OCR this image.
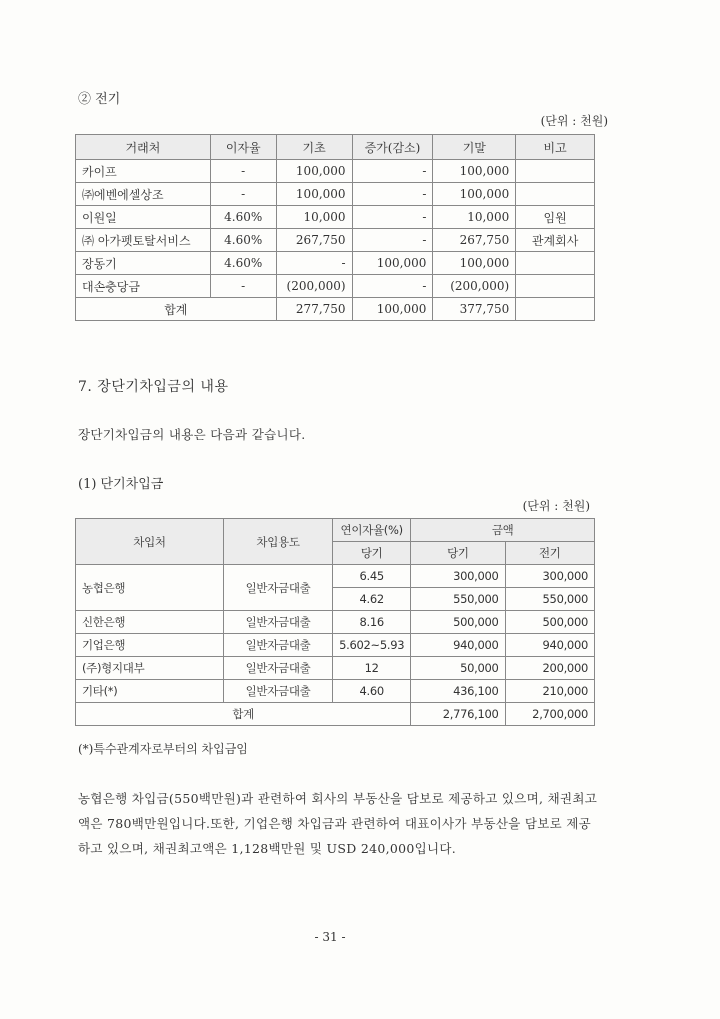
② 전기
(단위 : 천원)
거래처	이자율	기초	증가(감소)	기말	비고
카이프	-	100,000	-	100,000	
㈜에벤에셀상조	-	100,000	-	100,000	
이원일	4.60%	10,000	-	10,000	임원
㈜ 아가펫토탈서비스	4.60%	267,750	-	267,750	관계회사
장동기	4.60%	-	100,000	100,000	
대손충당금	-	(200,000)	-	(200,000)	
합계		277,750	100,000	377,750	
7. 장단기차입금의 내용
장단기차입금의 내용은 다음과 같습니다.
(1) 단기차입금
(단위 : 천원)
차입처	차입용도	연이자율(%)	금액	
		당기	당기	전기
농협은행	일반자금대출	6.45	300,000	300,000
		4.62	550,000	550,000
신한은행	일반자금대출	8.16	500,000	500,000
기업은행	일반자금대출	5.602~5.93	940,000	940,000
(주)형지대부	일반자금대출	12	50,000	200,000
기타(*)	일반자금대출	4.60	436,100	210,000
합계			2,776,100	2,700,000
(*)특수관계자로부터의 차입금임
농협은행 차입금(550백만원)과 관련하여 회사의 부동산을 담보로 제공하고 있으며, 채권최고액은 780백만원입니다.또한, 기업은행 차입금과 관련하여 대표이사가 부동산을 담보로 제공하고 있으며, 채권최고액은 1,128백만원 및 USD 240,000입니다.
- 31 -
